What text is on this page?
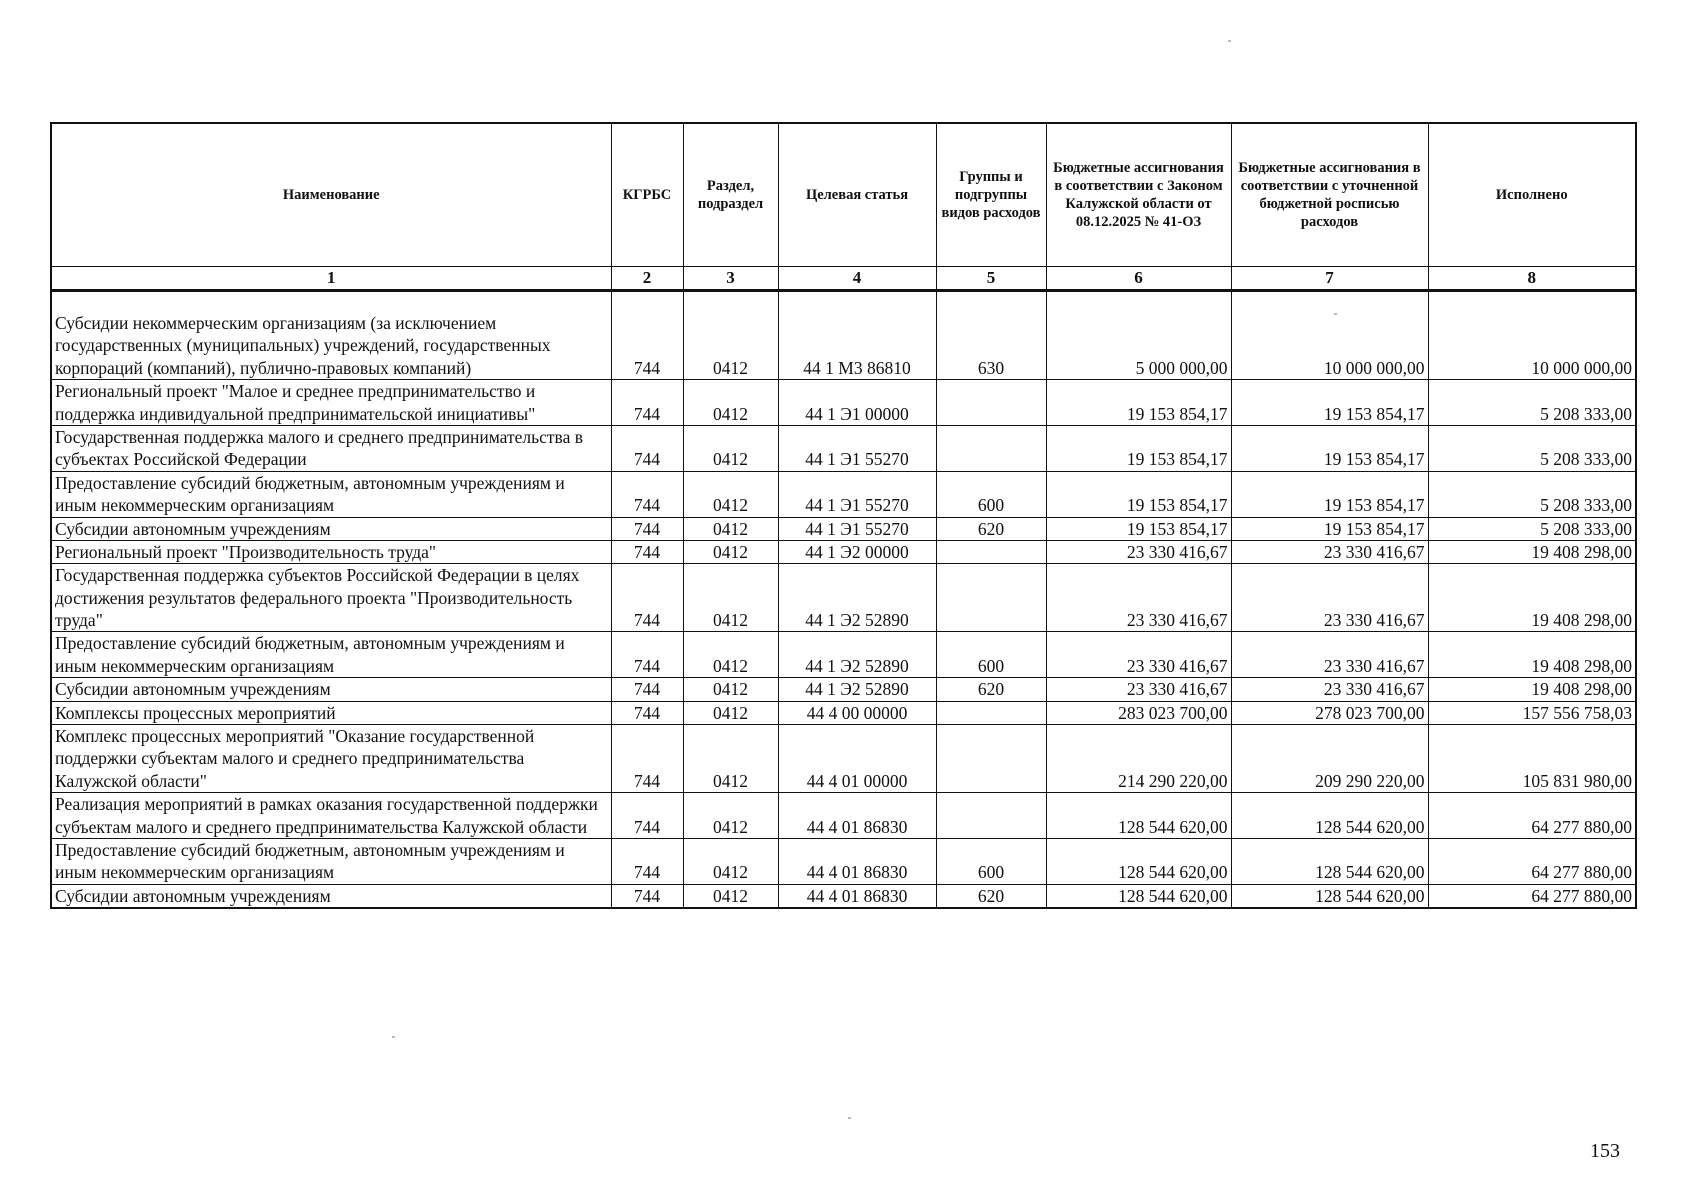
Наименование	КГРБС	Раздел, подраздел	Целевая статья	Группы и подгруппы видов расходов	Бюджетные ассигнования в соответствии с Законом Калужской области от 08.12.2025 № 41-ОЗ	Бюджетные ассигнования в соответствии с уточненной бюджетной росписью расходов	Исполнено
1	2	3	4	5	6	7	8

Субсидии некоммерческим организациям (за исключением государственных (муниципальных) учреждений, государственных корпораций (компаний), публично-правовых компаний)	744	0412	44 1 М3 86810	630	5 000 000,00	10 000 000,00	10 000 000,00
Региональный проект "Малое и среднее предпринимательство и поддержка индивидуальной предпринимательской инициативы"	744	0412	44 1 Э1 00000		19 153 854,17	19 153 854,17	5 208 333,00
Государственная поддержка малого и среднего предпринимательства в субъектах Российской Федерации	744	0412	44 1 Э1 55270		19 153 854,17	19 153 854,17	5 208 333,00
Предоставление субсидий бюджетным, автономным учреждениям и иным некоммерческим организациям	744	0412	44 1 Э1 55270	600	19 153 854,17	19 153 854,17	5 208 333,00
Субсидии автономным учреждениям	744	0412	44 1 Э1 55270	620	19 153 854,17	19 153 854,17	5 208 333,00
Региональный проект "Производительность труда"	744	0412	44 1 Э2 00000		23 330 416,67	23 330 416,67	19 408 298,00
Государственная поддержка субъектов Российской Федерации в целях достижения результатов федерального проекта "Производительность труда"	744	0412	44 1 Э2 52890		23 330 416,67	23 330 416,67	19 408 298,00
Предоставление субсидий бюджетным, автономным учреждениям и иным некоммерческим организациям	744	0412	44 1 Э2 52890	600	23 330 416,67	23 330 416,67	19 408 298,00
Субсидии автономным учреждениям	744	0412	44 1 Э2 52890	620	23 330 416,67	23 330 416,67	19 408 298,00
Комплексы процессных мероприятий	744	0412	44 4 00 00000		283 023 700,00	278 023 700,00	157 556 758,03
Комплекс процессных мероприятий "Оказание государственной поддержки субъектам малого и среднего предпринимательства Калужской области"	744	0412	44 4 01 00000		214 290 220,00	209 290 220,00	105 831 980,00
Реализация мероприятий в рамках оказания государственной поддержки субъектам малого и среднего предпринимательства Калужской области	744	0412	44 4 01 86830		128 544 620,00	128 544 620,00	64 277 880,00
Предоставление субсидий бюджетным, автономным учреждениям и иным некоммерческим организациям	744	0412	44 4 01 86830	600	128 544 620,00	128 544 620,00	64 277 880,00
Субсидии автономным учреждениям	744	0412	44 4 01 86830	620	128 544 620,00	128 544 620,00	64 277 880,00
153
